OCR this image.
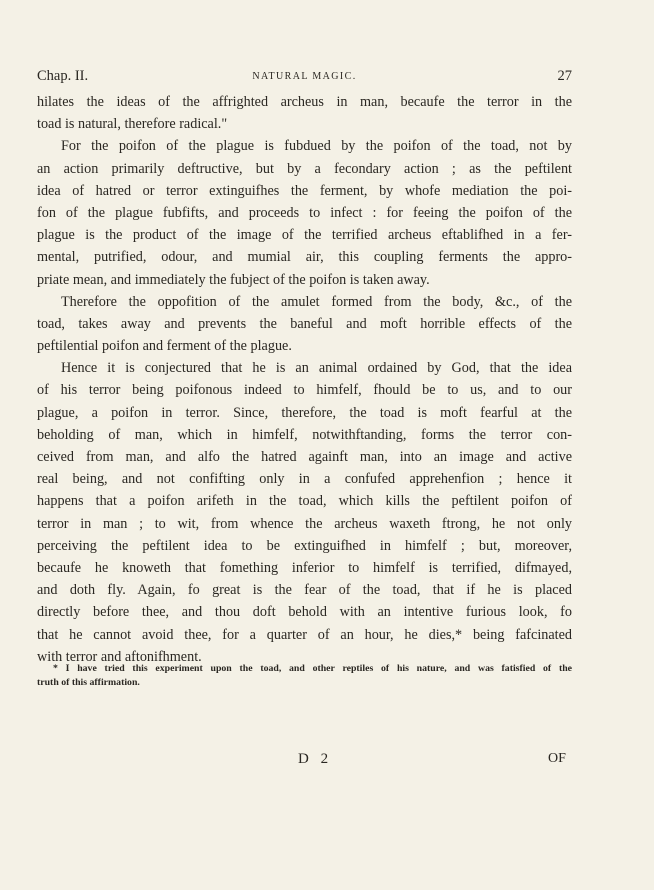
Chap. II.	NATURAL MAGIC.	27
hilates the ideas of the affrighted archeus in man, becaufe the terror in the
toad is natural, therefore radical."
For the poifon of the plague is fubdued by the poifon of the toad, not by
an action primarily deftructive, but by a fecondary action ; as the peftilent
idea of hatred or terror extinguifhes the ferment, by whofe mediation the poi-
fon of the plague fubfifts, and proceeds to infect : for feeing the poifon of the
plague is the product of the image of the terrified archeus eftablifhed in a fer-
mental, putrified, odour, and mumial air, this coupling ferments the appro-
priate mean, and immediately the fubject of the poifon is taken away.
Therefore the oppofition of the amulet formed from the body, &c., of the
toad, takes away and prevents the baneful and moft horrible effects of the
peftilential poifon and ferment of the plague.
Hence it is conjectured that he is an animal ordained by God, that the idea
of his terror being poifonous indeed to himfelf, fhould be to us, and to our
plague, a poifon in terror. Since, therefore, the toad is moft fearful at the
beholding of man, which in himfelf, notwithftanding, forms the terror con-
ceived from man, and alfo the hatred againft man, into an image and active
real being, and not confifting only in a confufed apprehenfion ; hence it
happens that a poifon arifeth in the toad, which kills the peftilent poifon of
terror in man ; to wit, from whence the archeus waxeth ftrong, he not only
perceiving the peftilent idea to be extinguifhed in himfelf ; but, moreover,
becaufe he knoweth that fomething inferior to himfelf is terrified, difmayed,
and doth fly. Again, fo great is the fear of the toad, that if he is placed
directly before thee, and thou doft behold with an intentive furious look, fo
that he cannot avoid thee, for a quarter of an hour, he dies,* being fafcinated
with terror and aftonifhment.
* I have tried this experiment upon the toad, and other reptiles of his nature, and was fatisfied of the
truth of this affirmation.
D 2	OF
